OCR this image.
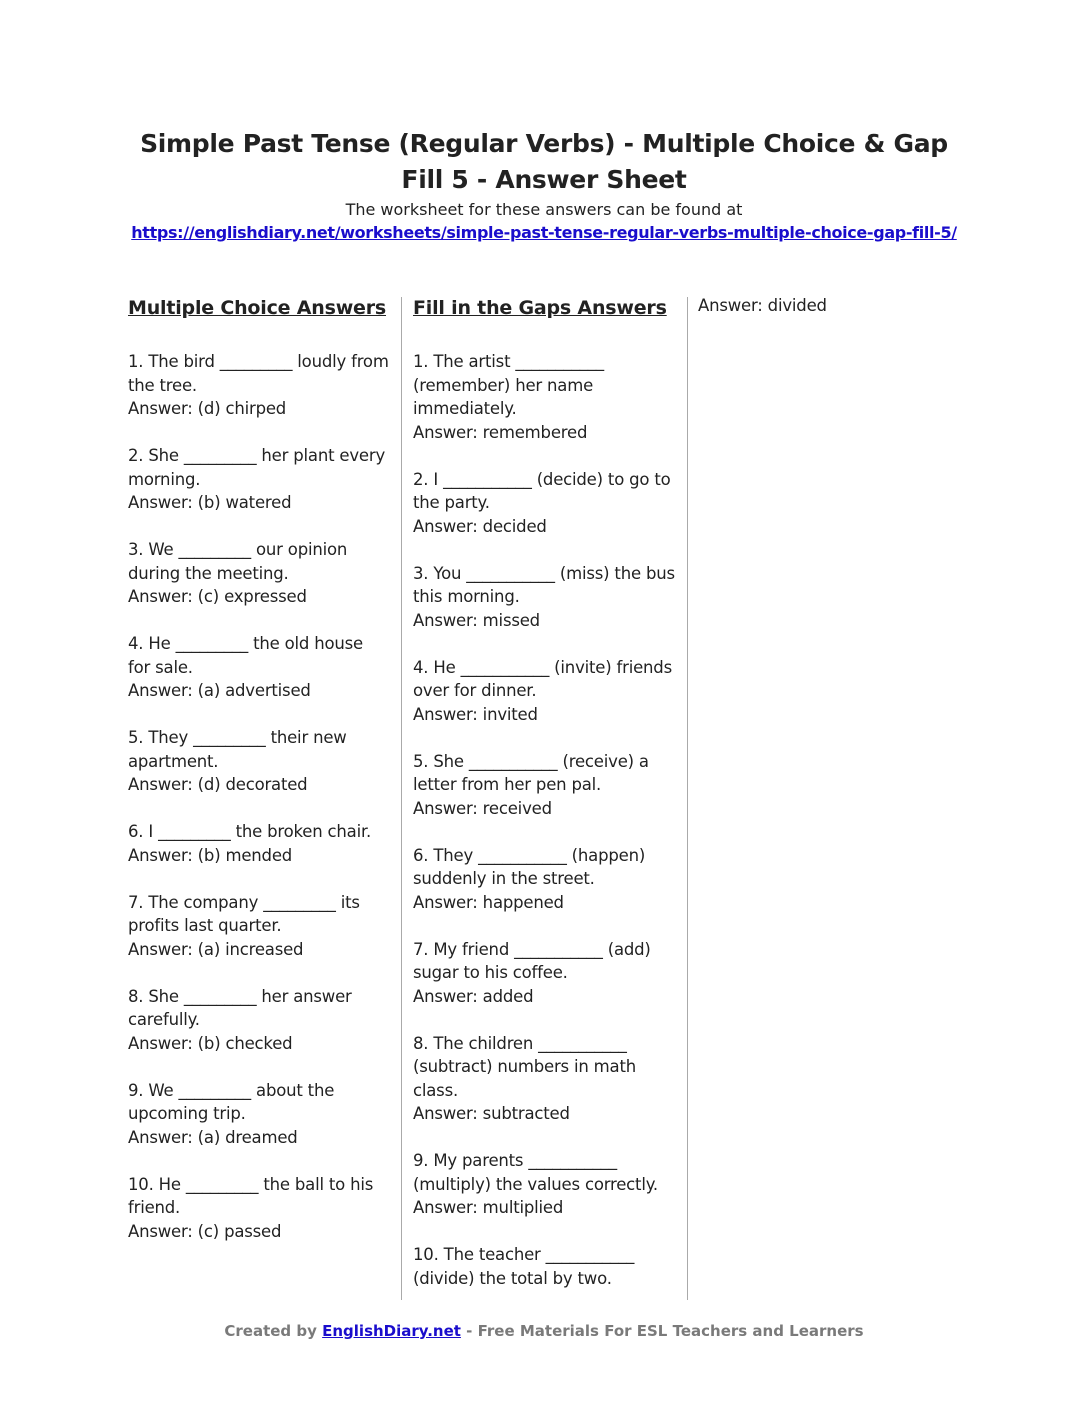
Simple Past Tense (Regular Verbs) - Multiple Choice & Gap Fill 5 - Answer Sheet
The worksheet for these answers can be found at
https://englishdiary.net/worksheets/simple-past-tense-regular-verbs-multiple-choice-gap-fill-5/
Multiple Choice Answers

1. The bird _________ loudly from the tree.

Answer: (d) chirped

2. She _________ her plant every morning.

Answer: (b) watered

3. We _________ our opinion during the meeting.

Answer: (c) expressed

4. He _________ the old house for sale.

Answer: (a) advertised

5. They _________ their new apartment.

Answer: (d) decorated

6. I _________ the broken chair.

Answer: (b) mended

7. The company _________ its profits last quarter.

Answer: (a) increased

8. She _________ her answer carefully.

Answer: (b) checked

9. We _________ about the upcoming trip.

Answer: (a) dreamed

10. He _________ the ball to his friend.

Answer: (c) passed

Fill in the Gaps Answers

1. The artist ___________ (remember) her name immediately.

Answer: remembered

2. I ___________ (decide) to go to the party.

Answer: decided

3. You ___________ (miss) the bus this morning.

Answer: missed

4. He ___________ (invite) friends over for dinner.

Answer: invited

5. She ___________ (receive) a letter from her pen pal.

Answer: received

6. They ___________ (happen) suddenly in the street.

Answer: happened

7. My friend ___________ (add) sugar to his coffee.

Answer: added

8. The children ___________ (subtract) numbers in math class.

Answer: subtracted

9. My parents ___________ (multiply) the values correctly.

Answer: multiplied

10. The teacher ___________ (divide) the total by two.

Answer: divided

Created by EnglishDiary.net - Free Materials For ESL Teachers and Learners
